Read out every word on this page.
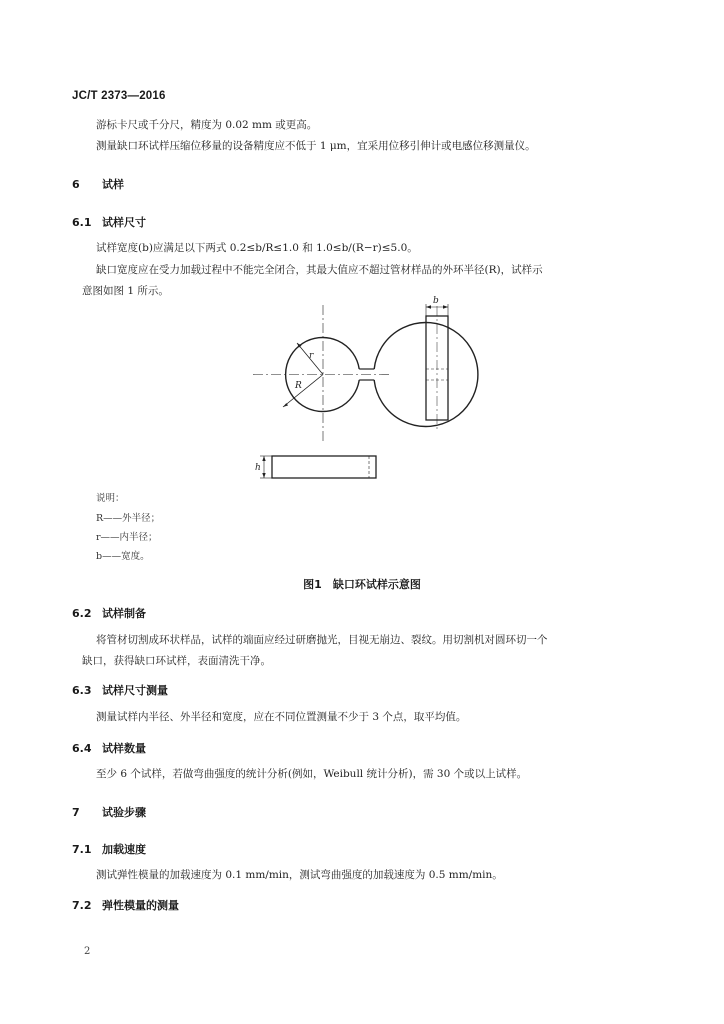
JC/T 2373—2016
游标卡尺或千分尺，精度为 0.02 mm 或更高。
测量缺口环试样压缩位移量的设备精度应不低于 1 μm，宜采用位移引伸计或电感位移测量仪。
6 试样
6.1 试样尺寸
试样宽度(b)应满足以下两式 0.2≤b/R≤1.0 和 1.0≤b/(R−r)≤5.0。
缺口宽度应在受力加载过程中不能完全闭合，其最大值应不超过管材样品的外环半径(R)，试样示
意图如图 1 所示。
r
R
b
h
说明：
R——外半径；
r——内半径；
b——宽度。
图1　缺口环试样示意图
6.2 试样制备
将管材切割成环状样品，试样的端面应经过研磨抛光，目视无崩边、裂纹。用切割机对圆环切一个
缺口，获得缺口环试样，表面清洗干净。
6.3 试样尺寸测量
测量试样内半径、外半径和宽度，应在不同位置测量不少于 3 个点，取平均值。
6.4 试样数量
至少 6 个试样，若做弯曲强度的统计分析(例如，Weibull 统计分析)，需 30 个或以上试样。
7 试验步骤
7.1 加载速度
测试弹性模量的加载速度为 0.1 mm/min，测试弯曲强度的加载速度为 0.5 mm/min。
7.2 弹性模量的测量
2
